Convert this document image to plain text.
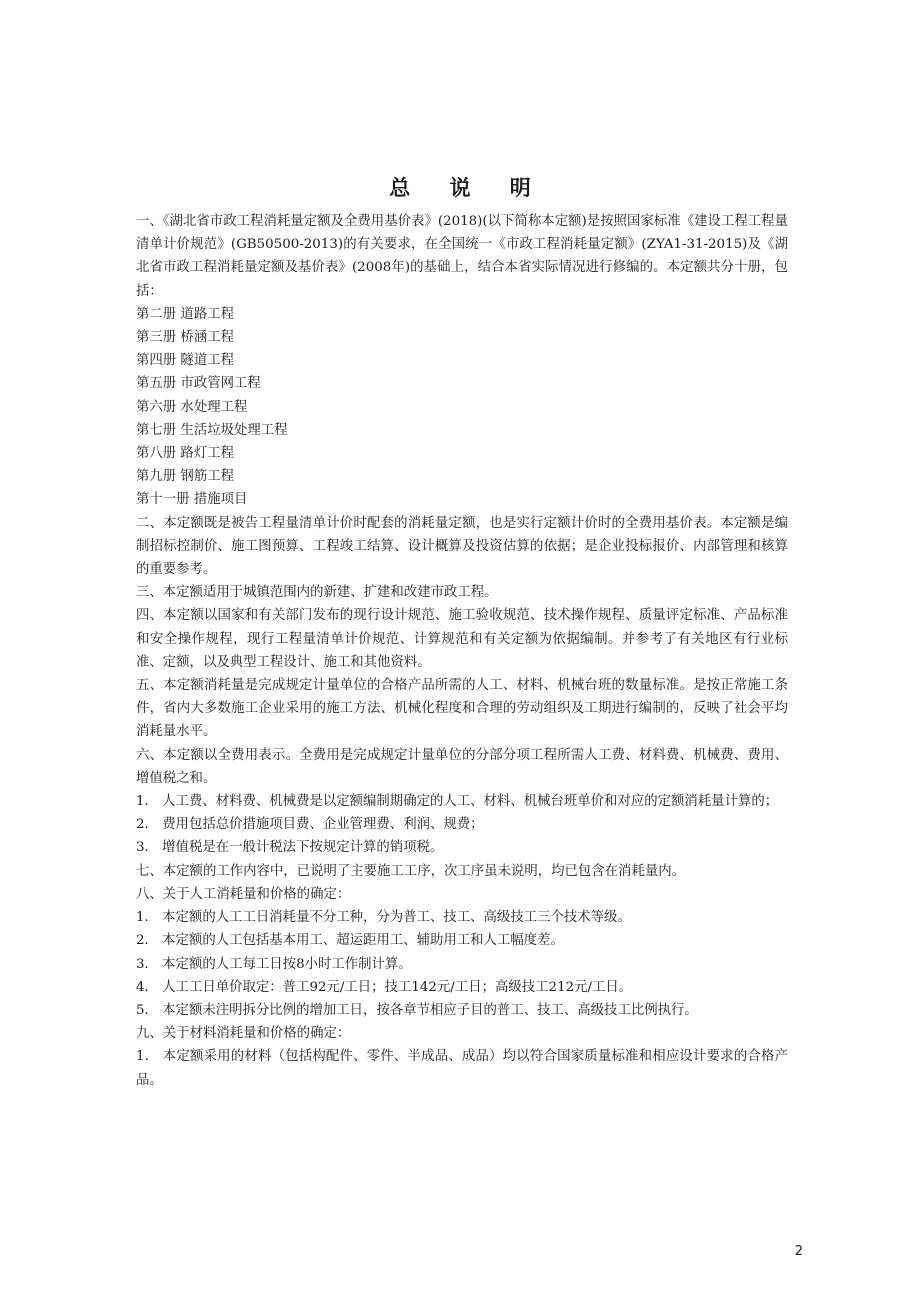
总 说 明

一、《湖北省市政工程消耗量定额及全费用基价表》(2018)(以下简称本定额)是按照国家标准《建设工程工程量清单计价规范》(GB50500-2013)的有关要求，在全国统一《市政工程消耗量定额》(ZYA1-31-2015)及《湖北省市政工程消耗量定额及基价表》(2008年)的基础上，结合本省实际情况进行修编的。本定额共分十册，包括：

第二册 道路工程

第三册 桥涵工程

第四册 隧道工程

第五册 市政管网工程

第六册 水处理工程

第七册 生活垃圾处理工程

第八册 路灯工程

第九册 钢筋工程

第十一册 措施项目

二、本定额既是被告工程量清单计价时配套的消耗量定额，也是实行定额计价时的全费用基价表。本定额是编制招标控制价、施工图预算、工程竣工结算、设计概算及投资估算的依据；是企业投标报价、内部管理和核算的重要参考。

三、本定额适用于城镇范围内的新建、扩建和改建市政工程。

四、本定额以国家和有关部门发布的现行设计规范、施工验收规范、技术操作规程、质量评定标准、产品标准和安全操作规程，现行工程量清单计价规范、计算规范和有关定额为依据编制。并参考了有关地区有行业标准、定额，以及典型工程设计、施工和其他资料。

五、本定额消耗量是完成规定计量单位的合格产品所需的人工、材料、机械台班的数量标准。是按正常施工条件，省内大多数施工企业采用的施工方法、机械化程度和合理的劳动组织及工期进行编制的，反映了社会平均消耗量水平。

六、本定额以全费用表示。全费用是完成规定计量单位的分部分项工程所需人工费、材料费、机械费、费用、增值税之和。

1． 人工费、材料费、机械费是以定额编制期确定的人工、材料、机械台班单价和对应的定额消耗量计算的；

2． 费用包括总价措施项目费、企业管理费、利润、规费；

3． 增值税是在一般计税法下按规定计算的销项税。

七、本定额的工作内容中，已说明了主要施工工序，次工序虽未说明，均已包含在消耗量内。

八、关于人工消耗量和价格的确定：

1． 本定额的人工工日消耗量不分工种，分为普工、技工、高级技工三个技术等级。

2． 本定额的人工包括基本用工、超运距用工、辅助用工和人工幅度差。

3． 本定额的人工每工日按8小时工作制计算。

4． 人工工日单价取定：普工92元/工日；技工142元/工日；高级技工212元/工日。

5． 本定额未注明拆分比例的增加工日，按各章节相应子目的普工、技工、高级技工比例执行。

九、关于材料消耗量和价格的确定：

1． 本定额采用的材料（包括构配件、零件、半成品、成品）均以符合国家质量标准和相应设计要求的合格产品。

2
